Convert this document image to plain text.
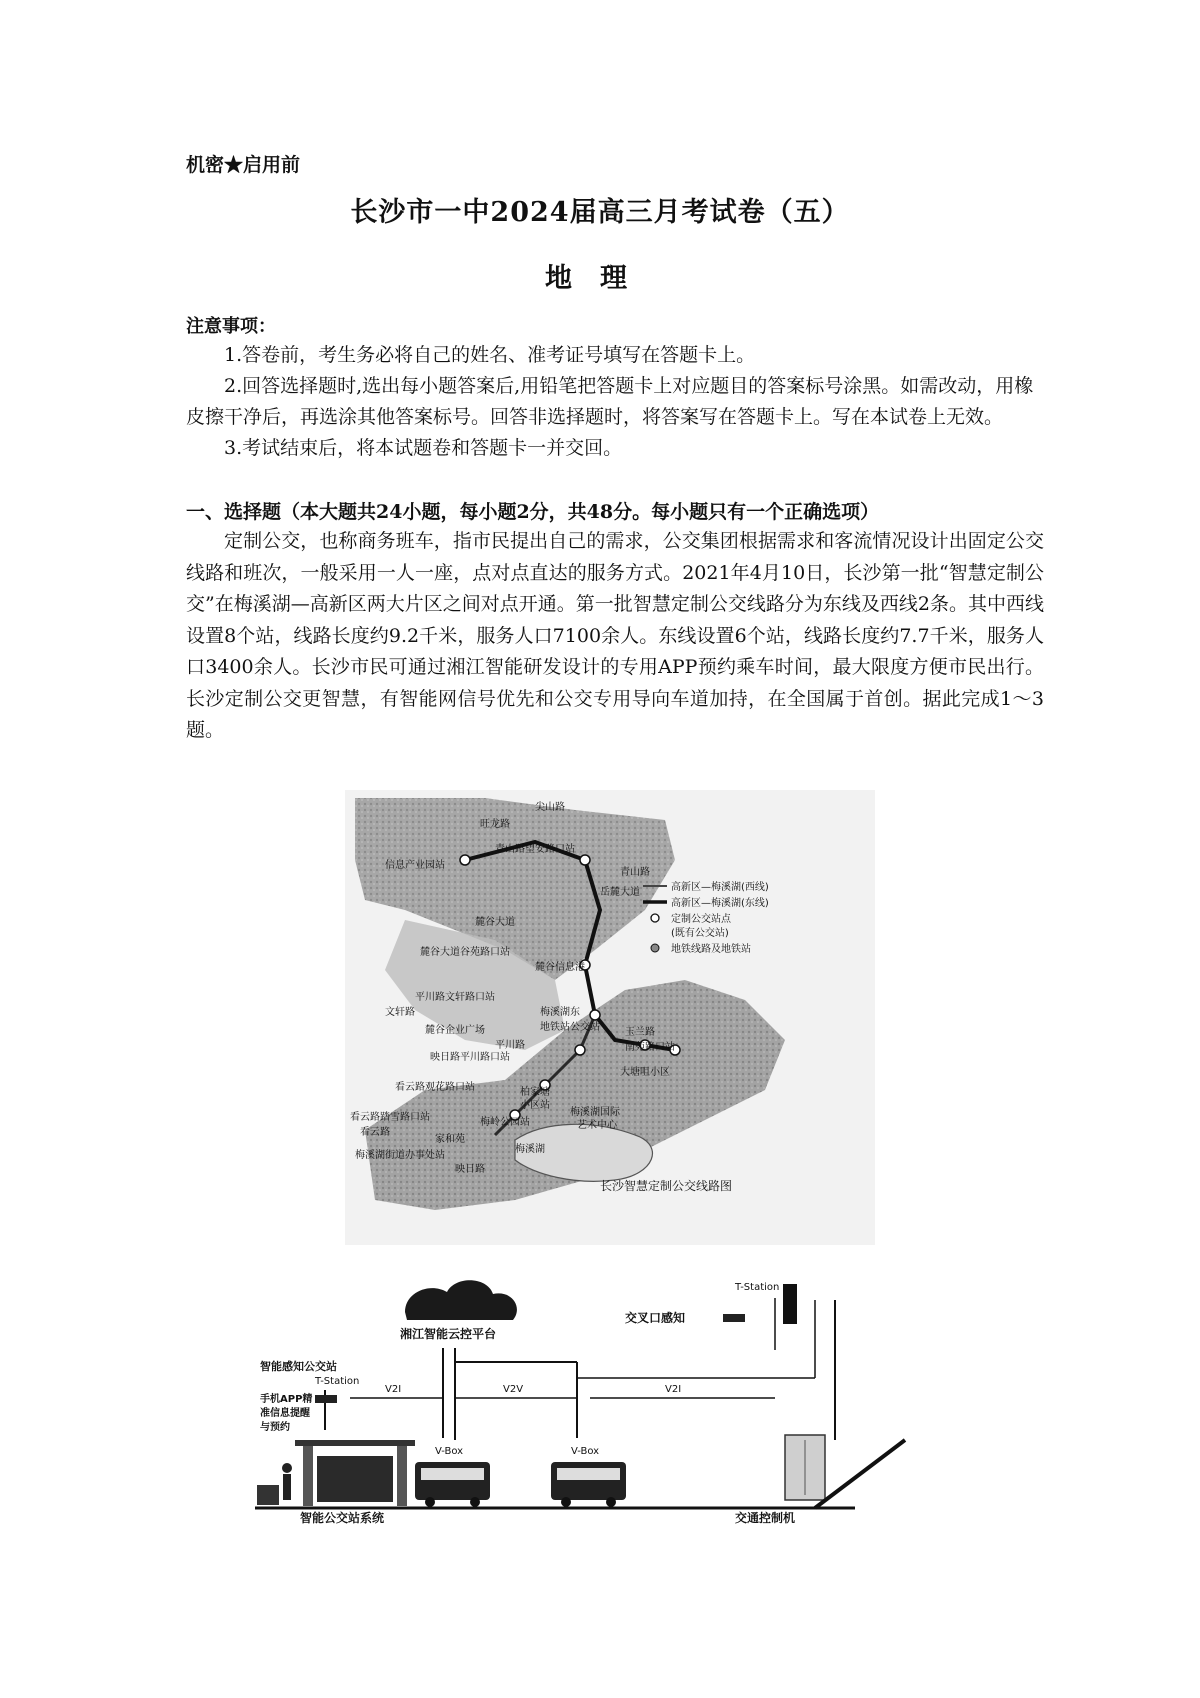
机密★启用前
长沙市一中2024届高三月考试卷（五）
地理
注意事项：

1.答卷前，考生务必将自己的姓名、准考证号填写在答题卡上。

2.回答选择题时,选出每小题答案后,用铅笔把答题卡上对应题目的答案标号涂黑。如需改动，用橡皮擦干净后，再选涂其他答案标号。回答非选择题时，将答案写在答题卡上。写在本试卷上无效。

3.考试结束后，将本试题卷和答题卡一并交回。

一、选择题（本大题共24小题，每小题2分，共48分。每小题只有一个正确选项）
定制公交，也称商务班车，指市民提出自己的需求，公交集团根据需求和客流情况设计出固定公交线路和班次，一般采用一人一座，点对点直达的服务方式。2021年4月10日，长沙第一批“智慧定制公交”在梅溪湖—高新区两大片区之间对点开通。第一批智慧定制公交线路分为东线及西线2条。其中西线设置8个站，线路长度约9.2千米，服务人口7100余人。东线设置6个站，线路长度约7.7千米，服务人口3400余人。长沙市民可通过湘江智能研发设计的专用APP预约乘车时间，最大限度方便市民出行。长沙定制公交更智慧，有智能网信号优先和公交专用导向车道加持，在全国属于首创。据此完成1～3题。
尖山路
旺龙路
青山路望安路口站
信息产业园站
青山路
岳麓大道
麓谷大道
麓谷大道谷苑路口站
麓谷信息港
平川路文轩路口站
文轩路	梅溪湖东
地铁站公交站	玉兰路
南苑路口站
麓谷企业广场
平川路
映日路平川路口站
大塘咀小区
看云路观花路口站	柏家塘
小区站
看云路踏雪路口站	梅岭公园站
梅溪湖国际
艺术中心
看云路
家和苑
梅溪湖
梅溪湖街道办事处站
映日路
高新区—梅溪湖(西线)
高新区—梅溪湖(东线)
定制公交站点
(既有公交站)
地铁线路及地铁站
长沙智慧定制公交线路图
湘江智能云控平台
智能感知公交站
T-Station
手机APP精
准信息提醒
与预约
V2I
V-Box	V-Box
V2V
T-Station
交叉口感知
V2I
智能公交站系统	交通控制机
